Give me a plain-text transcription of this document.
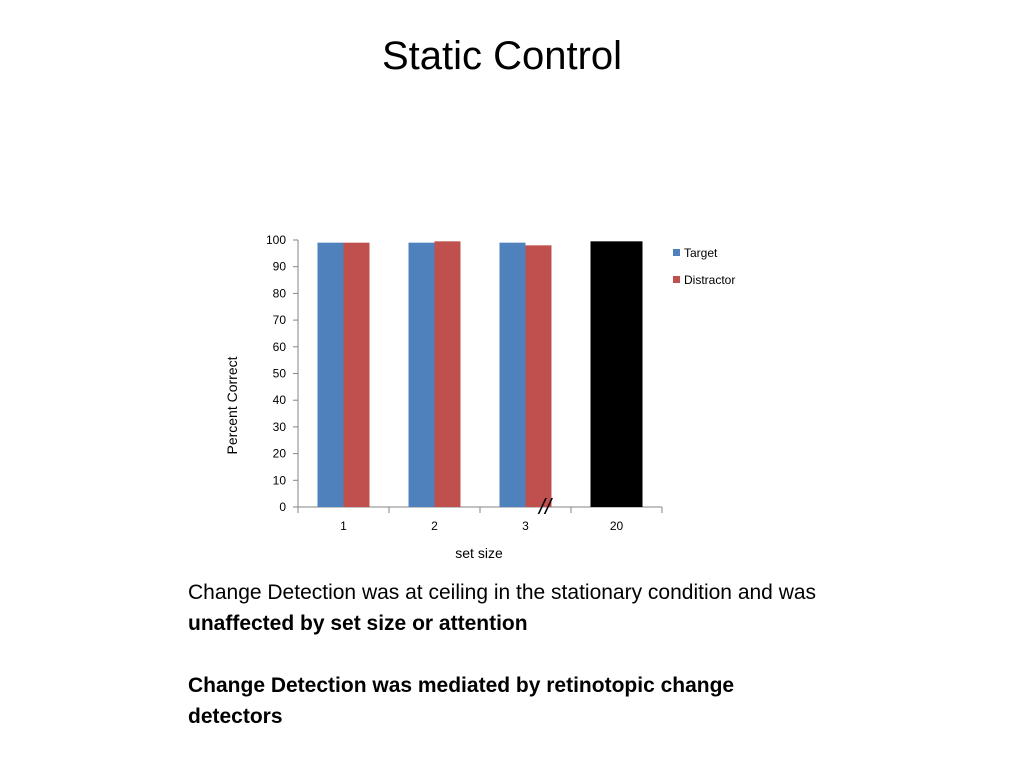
Static Control
0
10
20
30
40
50
60
70
80
90
100
1	2	3	20
//
set size
Percent Correct
Target
Distractor

Change Detection was at ceiling in the stationary condition and was unaffected by set size or attention

Change Detection was mediated by retinotopic change detectors
